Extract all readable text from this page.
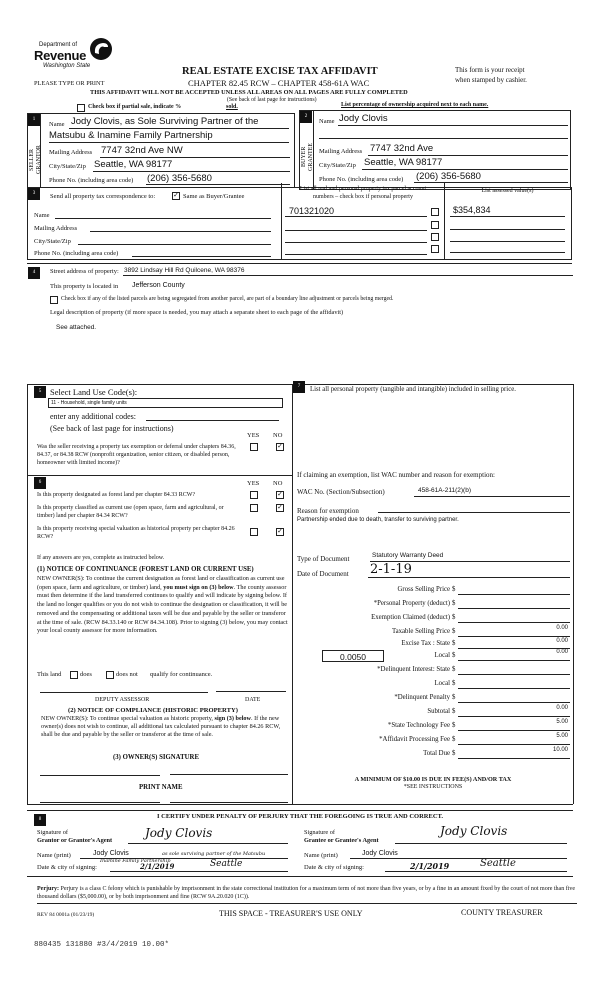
Department of
Revenue
Washington State
PLEASE TYPE OR PRINT
REAL ESTATE EXCISE TAX AFFIDAVIT
CHAPTER 82.45 RCW – CHAPTER 458-61A WAC
THIS AFFIDAVIT WILL NOT BE ACCEPTED UNLESS ALL AREAS ON ALL PAGES ARE FULLY COMPLETED
(See back of last page for instructions)
This form is your receipt
when stamped by cashier.
Check box if partial sale, indicate %	sold.	List percentage of ownership acquired next to each name.
1
SELLER
GRANTOR
Name Jody Clovis, as Sole Surviving Partner of the
Matsubu & Inamine Family Partnership
Mailing Address 7747 32nd Ave NW
City/State/Zip Seattle, WA 98177
Phone No. (including area code) (206) 356-5680
2
BUYER
GRANTEE
Name Jody Clovis
Mailing Address 7747 32nd Ave
City/State/Zip Seattle, WA 98177
Phone No. (including area code) (206) 356-5680
3	Send all property tax correspondence to:	✓ Same as Buyer/Grantee
Name
Mailing Address
City/State/Zip
Phone No. (including area code)
List all real and personal property tax parcel account
numbers – check box if personal property
List assessed value(s)
701321020	$354,834
4	Street address of property: 3892 Lindsay Hill Rd Quilcene, WA 98376
This property is located in Jefferson County
Check box if any of the listed parcels are being segregated from another parcel, are part of a boundary line adjustment or parcels being merged.
Legal description of property (if more space is needed, you may attach a separate sheet to each page of the affidavit)
See attached.
5	Select Land Use Code(s):
11 - Household, single family units
enter any additional codes:
(See back of last page for instructions)
YES NO
Was the seller receiving a property tax exemption or deferral under chapters 84.36, 84.37, or 84.38 RCW (nonprofit organization, senior citizen, or disabled person, homeowner with limited income)?
✓
6	YES NO
Is this property designated as forest land per chapter 84.33 RCW?	✓
Is this property classified as current use (open space, farm and agricultural, or timber) land per chapter 84.34 RCW?
✓
Is this property receiving special valuation as historical property per chapter 84.26 RCW?
✓
If any answers are yes, complete as instructed below.
(1) NOTICE OF CONTINUANCE (FOREST LAND OR CURRENT USE)
NEW OWNER(S): To continue the current designation as forest land or classification as current use (open space, farm and agriculture, or timber) land, you must sign on (3) below. The county assessor must then determine if the land transferred continues to qualify and will indicate by signing below. If the land no longer qualifies or you do not wish to continue the designation or classification, it will be removed and the compensating or additional taxes will be due and payable by the seller or transferor at the time of sale. (RCW 84.33.140 or RCW 84.34.108). Prior to signing (3) below, you may contact your local county assessor for more information.
This land	does	does not qualify for continuance.
DEPUTY ASSESSOR	DATE
(2) NOTICE OF COMPLIANCE (HISTORIC PROPERTY)
NEW OWNER(S): To continue special valuation as historic property, sign (3) below. If the new owner(s) does not wish to continue, all additional tax calculated pursuant to chapter 84.26 RCW, shall be due and payable by the seller or transferor at the time of sale.
(3) OWNER(S) SIGNATURE
PRINT NAME
7	List all personal property (tangible and intangible) included in selling price.
If claiming an exemption, list WAC number and reason for exemption:
WAC No. (Section/Subsection)	458-61A-211(2)(b)
Reason for exemption
Partnership ended due to death, transfer to surviving partner.
Type of Document	Statutory Warranty Deed
Date of Document 2-1-19
Gross Selling Price $
*Personal Property (deduct) $
Exemption Claimed (deduct) $
Taxable Selling Price $	0.00
Excise Tax : State $	0.00
0.0050	Local $	0.00
*Delinquent Interest: State $
Local $
*Delinquent Penalty $
Subtotal $	0.00
*State Technology Fee $	5.00
*Affidavit Processing Fee $	5.00
Total Due $	10.00
A MINIMUM OF $10.00 IS DUE IN FEE(S) AND/OR TAX
*SEE INSTRUCTIONS
8	I CERTIFY UNDER PENALTY OF PERJURY THAT THE FOREGOING IS TRUE AND CORRECT.
Signature of
Grantor or Grantor's Agent
Jody Clovis
Name (print)	Jody Clovis	as sole surviving partner of the Matsubu
Inamine Family Partnership
Date & city of signing:	2/1/2019	Seattle
Signature of
Grantee or Grantee's Agent
Jody Clovis
Name (print)	Jody Clovis
Date & city of signing:	2/1/2019	Seattle
Perjury: Perjury is a class C felony which is punishable by imprisonment in the state correctional institution for a maximum term of not more than five years, or by a fine in an amount fixed by the court of not more than five thousand dollars ($5,000.00), or by both imprisonment and fine (RCW 9A.20.020 (1C)).
REV 84 0001a (01/23/19)	THIS SPACE - TREASURER'S USE ONLY	COUNTY TREASURER
880435 131880 #3/4/2019 10.00*
